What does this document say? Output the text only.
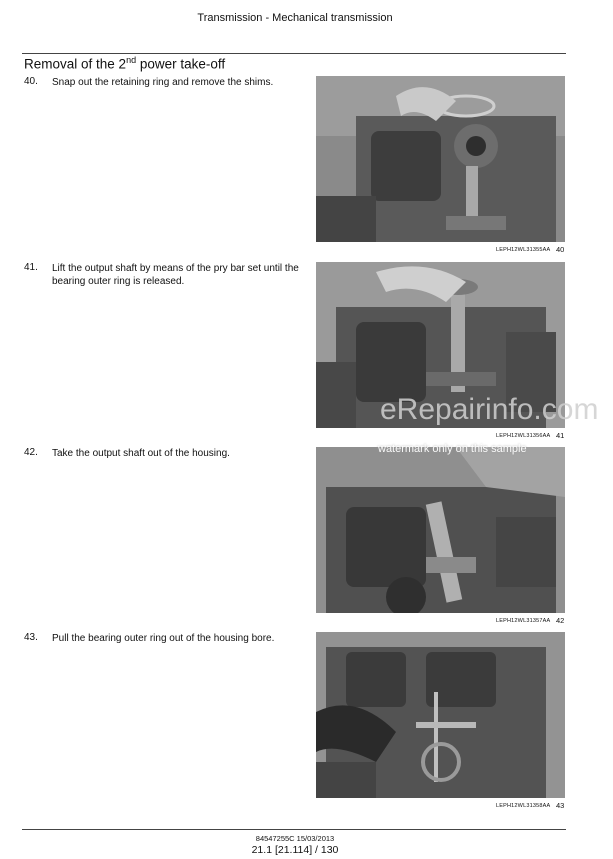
Transmission - Mechanical transmission
Removal of the 2nd power take-off
40. Snap out the retaining ring and remove the shims.
LEPH12WL31355AA 40
41. Lift the output shaft by means of the pry bar set until the bearing outer ring is released.
LEPH12WL31356AA 41
42. Take the output shaft out of the housing.
LEPH12WL31357AA 42
43. Pull the bearing outer ring out of the housing bore.
LEPH12WL31358AA 43
eRepairinfo.com
watermark only on this sample
84547255C 15/03/2013
21.1 [21.114] / 130
